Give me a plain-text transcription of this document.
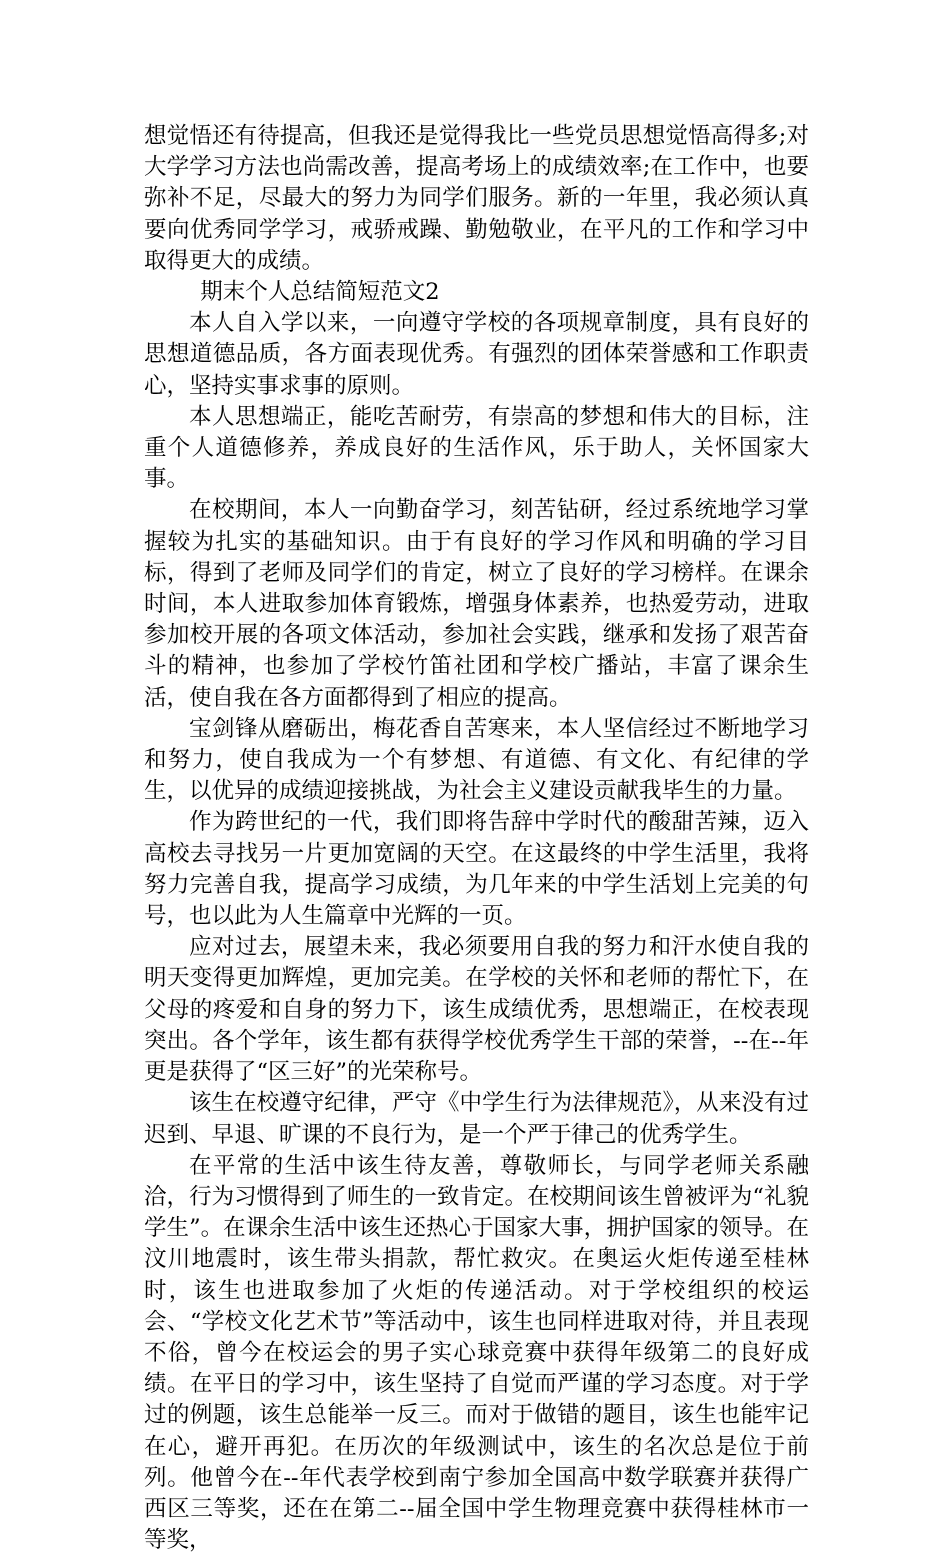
想觉悟还有待提高，但我还是觉得我比一些党员思想觉悟高得多;对大学学习方法也尚需改善，提高考场上的成绩效率;在工作中，也要弥补不足，尽最大的努力为同学们服务。新的一年里，我必须认真要向优秀同学学习，戒骄戒躁、勤勉敬业，在平凡的工作和学习中取得更大的成绩。

期末个人总结简短范文2

本人自入学以来，一向遵守学校的各项规章制度，具有良好的思想道德品质，各方面表现优秀。有强烈的团体荣誉感和工作职责心，坚持实事求事的原则。

本人思想端正，能吃苦耐劳，有崇高的梦想和伟大的目标，注重个人道德修养，养成良好的生活作风，乐于助人，关怀国家大事。

在校期间，本人一向勤奋学习，刻苦钻研，经过系统地学习掌握较为扎实的基础知识。由于有良好的学习作风和明确的学习目标，得到了老师及同学们的肯定，树立了良好的学习榜样。在课余时间，本人进取参加体育锻炼，增强身体素养，也热爱劳动，进取参加校开展的各项文体活动，参加社会实践，继承和发扬了艰苦奋斗的精神，也参加了学校竹笛社团和学校广播站，丰富了课余生活，使自我在各方面都得到了相应的提高。

宝剑锋从磨砺出，梅花香自苦寒来，本人坚信经过不断地学习和努力，使自我成为一个有梦想、有道德、有文化、有纪律的学生，以优异的成绩迎接挑战，为社会主义建设贡献我毕生的力量。

作为跨世纪的一代，我们即将告辞中学时代的酸甜苦辣，迈入高校去寻找另一片更加宽阔的天空。在这最终的中学生活里，我将努力完善自我，提高学习成绩，为几年来的中学生活划上完美的句号，也以此为人生篇章中光辉的一页。

应对过去，展望未来，我必须要用自我的努力和汗水使自我的明天变得更加辉煌，更加完美。在学校的关怀和老师的帮忙下，在父母的疼爱和自身的努力下，该生成绩优秀，思想端正，在校表现突出。各个学年，该生都有获得学校优秀学生干部的荣誉，--在--年更是获得了“区三好”的光荣称号。

该生在校遵守纪律，严守《中学生行为法律规范》，从来没有过迟到、早退、旷课的不良行为，是一个严于律己的优秀学生。

在平常的生活中该生待友善，尊敬师长，与同学老师关系融洽，行为习惯得到了师生的一致肯定。在校期间该生曾被评为“礼貌学生”。在课余生活中该生还热心于国家大事，拥护国家的领导。在汶川地震时，该生带头捐款，帮忙救灾。在奥运火炬传递至桂林时，该生也进取参加了火炬的传递活动。对于学校组织的校运会、“学校文化艺术节”等活动中，该生也同样进取对待，并且表现不俗，曾今在校运会的男子实心球竞赛中获得年级第二的良好成绩。在平日的学习中，该生坚持了自觉而严谨的学习态度。对于学过的例题，该生总能举一反三。而对于做错的题目，该生也能牢记在心，避开再犯。在历次的年级测试中，该生的名次总是位于前列。他曾今在--年代表学校到南宁参加全国高中数学联赛并获得广西区三等奖，还在在第二--届全国中学生物理竞赛中获得桂林市一等奖，
